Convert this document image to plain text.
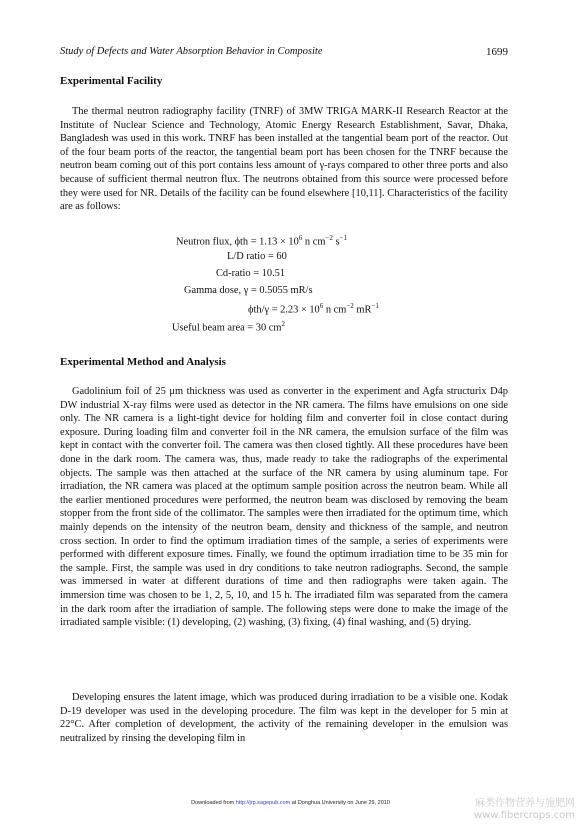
Study of Defects and Water Absorption Behavior in Composite	1699
Experimental Facility

The thermal neutron radiography facility (TNRF) of 3MW TRIGA MARK-II Research Reactor at the Institute of Nuclear Science and Technology, Atomic Energy Research Establishment, Savar, Dhaka, Bangladesh was used in this work. TNRF has been installed at the tangential beam port of the reactor. Out of the four beam ports of the reactor, the tangential beam port has been chosen for the TNRF because the neutron beam coming out of this port contains less amount of γ-rays compared to other three ports and also because of sufficient thermal neutron flux. The neutrons obtained from this source were processed before they were used for NR. Details of the facility can be found elsewhere [10,11]. Characteristics of the facility are as follows:

Neutron flux, $\phi th = 1.13 \times 10^6$ n $cm^{-2}$ $s^{-1}$
L/D ratio = 60
Cd-ratio = 10.51
Gamma dose, γ = 0.5055 mR/s
$\phi th/\gamma = 2.23 \times 10^6$ n $cm^{-2}$ $mR^{-1}$
Useful beam area = 30 $cm^2$
Experimental Method and Analysis

Gadolinium foil of 25 μm thickness was used as converter in the experiment and Agfa structurix D4p DW industrial X-ray films were used as detector in the NR camera. The films have emulsions on one side only. The NR camera is a light-tight device for holding film and converter foil in close contact during exposure. During loading film and converter foil in the NR camera, the emulsion surface of the film was kept in contact with the converter foil. The camera was then closed tightly. All these procedures have been done in the dark room. The camera was, thus, made ready to take the radiographs of the experimental objects. The sample was then attached at the surface of the NR camera by using aluminum tape. For irradiation, the NR camera was placed at the optimum sample position across the neutron beam. While all the earlier mentioned procedures were performed, the neutron beam was disclosed by removing the beam stopper from the front side of the collimator. The samples were then irradiated for the optimum time, which mainly depends on the intensity of the neutron beam, density and thickness of the sample, and neutron cross section. In order to find the optimum irradiation times of the sample, a series of experiments were performed with different exposure times. Finally, we found the optimum irradiation time to be 35 min for the sample. First, the sample was used in dry conditions to take neutron radiographs. Second, the sample was immersed in water at different durations of time and then radiographs were taken again. The immersion time was chosen to be 1, 2, 5, 10, and 15 h. The irradiated film was separated from the camera in the dark room after the irradiation of sample. The following steps were done to make the image of the irradiated sample visible: (1) developing, (2) washing, (3) fixing, (4) final washing, and (5) drying.

Developing ensures the latent image, which was produced during irradiation to be a visible one. Kodak D-19 developer was used in the developing procedure. The film was kept in the developer for 5 min at 22°C. After completion of development, the activity of the remaining developer in the emulsion was neutralized by rinsing the developing film in

Downloaded from http://jrp.sagepub.com at Donghua University on June 29, 2010	麻类作物营养与施肥网
www.fibercrops.com
